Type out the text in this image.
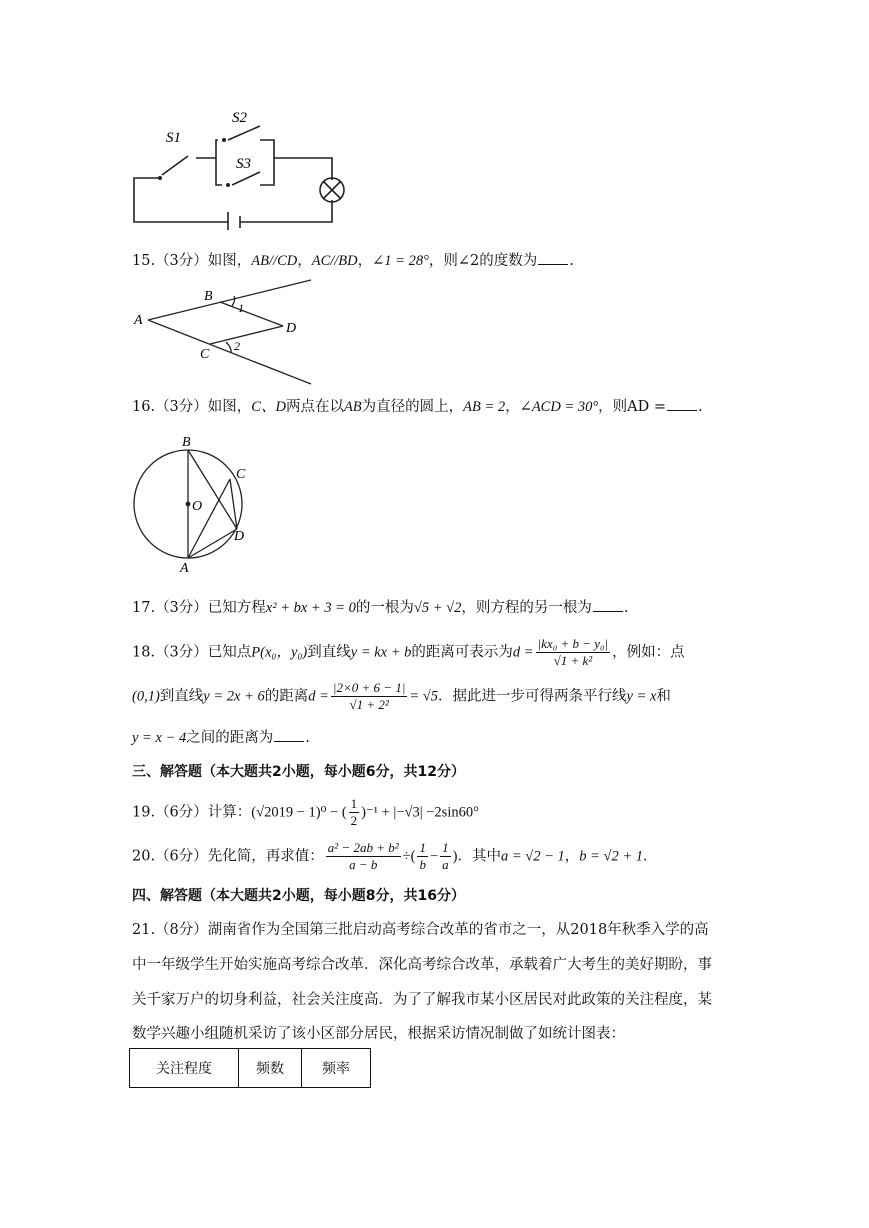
S1
S2
S3
15.（3分）如图，AB//CD，AC//BD，∠1 = 28°，则∠2的度数为 .
A
B
C
D
1
2
16.（3分）如图，C、D两点在以AB为直径的圆上，AB = 2，∠ACD = 30°，则AD = .
B
C
O
D
A
17.（3分）已知方程x² + bx + 3 = 0的一根为√5 + √2，则方程的另一根为 .
18.（3分）已知点P(x₀，y₀)到直线y = kx + b的距离可表示为$d = \frac{\text{|kx₀ + b − y₀|}}{\text{√1 + k²}}$ ，例如：点
(0,1)到直线y = 2x + 6的距离$d = \frac{|2\times 0 + 6 - 1|}{\text{√1 + 2²}} = √5$．据此进一步可得两条平行线y = x和
y = x − 4之间的距离为 .
三、解答题（本大题共2小题，每小题6分，共12分）
19.（6分）计算：(√2019 − 1)⁰ − ( $\frac{1}{2} )^{-1} + |-√3| -2\sin 60^\circ$
20.（6分）先化简，再求值： $\frac{\text{a² − 2ab + b²}}{a - b}$ ÷( $\frac{1}{b} - \frac{1}{a}$ )．其中a = √2 − 1，b = √2 + 1．
四、解答题（本大题共2小题，每小题8分，共16分）
21.（8分）湖南省作为全国第三批启动高考综合改革的省市之一，从2018年秋季入学的高
中一年级学生开始实施高考综合改革．深化高考综合改革，承载着广大考生的美好期盼，事
关千家万户的切身利益，社会关注度高．为了了解我市某小区居民对此政策的关注程度，某
数学兴趣小组随机采访了该小区部分居民，根据采访情况制做了如统计图表：
关注程度	频数	频率
